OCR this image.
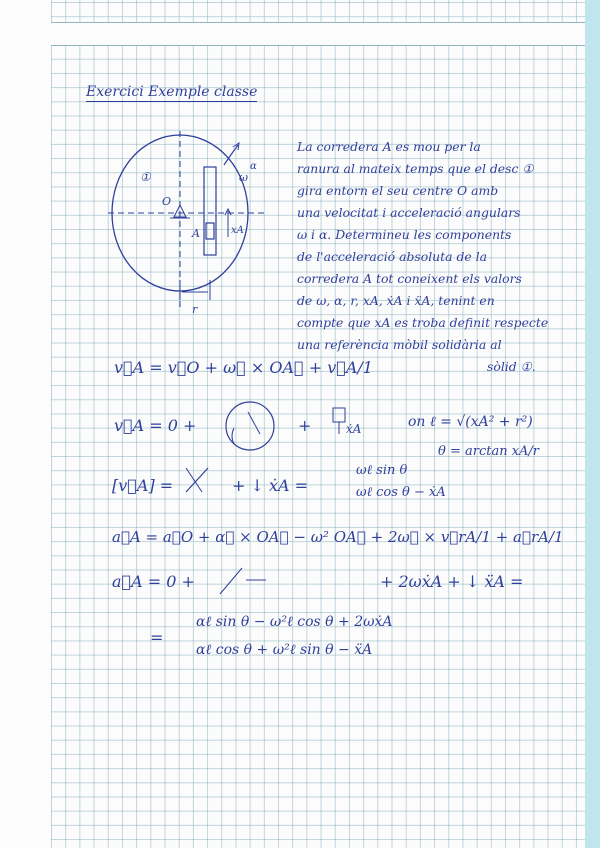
Exercici Exemple classe
①
O
A	xA
ω
α
r
La corredera A es mou per la
ranura al mateix temps que el desc ①
gira entorn el seu centre O amb
una velocitat i acceleració angulars
ω i α. Determineu les components
de l'acceleració absoluta de la
corredera A tot coneixent els valors
de ω, α, r, xA, ẋA i ẍA, tenint en
compte que xA es troba definit respecte
una referència mòbil solidària al
sòlid ①.
v⃗A = v⃗O + ω⃗ × OA⃗ + v⃗A/1
v⃗A = 0 +	+	ẋA	on ℓ = √(xA² + r²)
θ = arctan xA/r
[v⃗A] =	+ ↓ ẋA =
ωℓ sin θ
ωℓ cos θ − ẋA
a⃗A = a⃗O + α⃗ × OA⃗ − ω² OA⃗ + 2ω⃗ × v⃗rA/1 + a⃗rA/1
a⃗A = 0 +	+ 2ωẋA + ↓ ẍA =
=
αℓ sin θ − ω²ℓ cos θ + 2ωẋA
αℓ cos θ + ω²ℓ sin θ − ẍA
